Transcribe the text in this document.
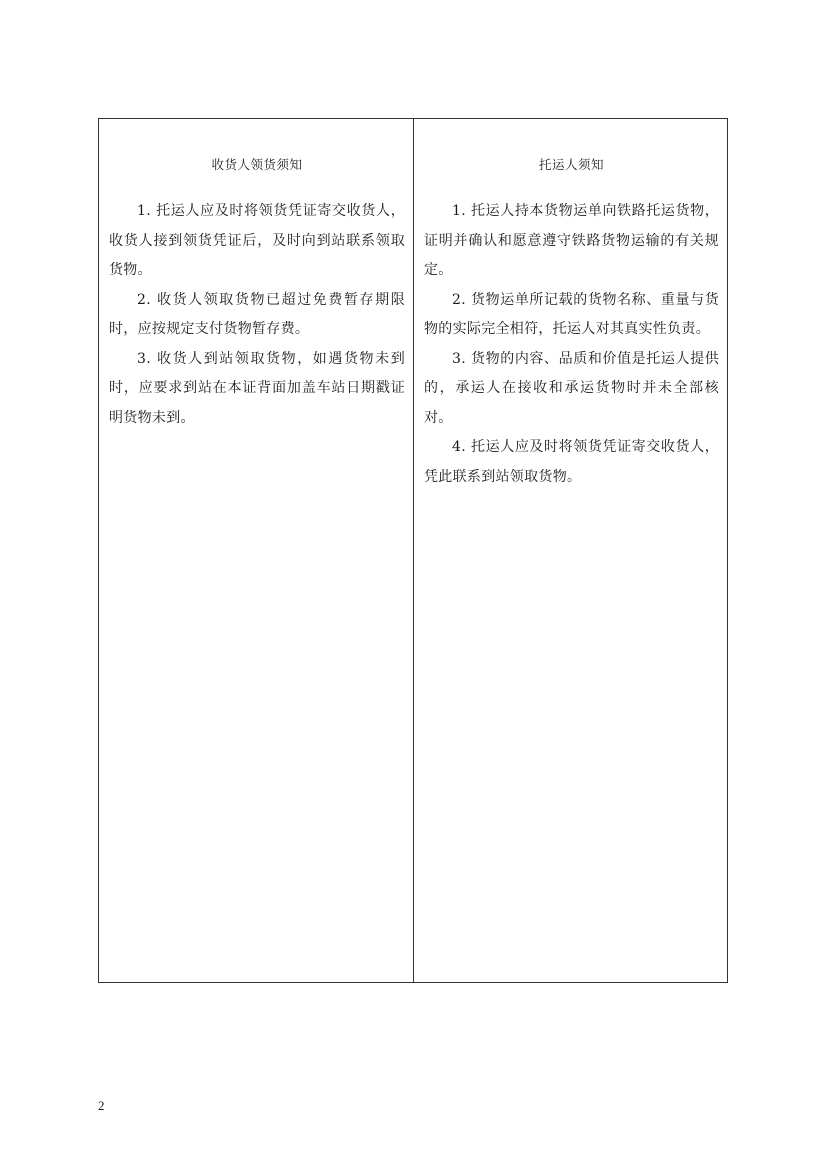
收货人领货须知
1. 托运人应及时将领货凭证寄交收货人，收货人接到领货凭证后，及时向到站联系领取货物。
2. 收货人领取货物已超过免费暂存期限时，应按规定支付货物暂存费。
3. 收货人到站领取货物，如遇货物未到时，应要求到站在本证背面加盖车站日期戳证明货物未到。
托运人须知
1. 托运人持本货物运单向铁路托运货物，证明并确认和愿意遵守铁路货物运输的有关规定。
2. 货物运单所记载的货物名称、重量与货物的实际完全相符，托运人对其真实性负责。
3. 货物的内容、品质和价值是托运人提供的，承运人在接收和承运货物时并未全部核对。
4. 托运人应及时将领货凭证寄交收货人，凭此联系到站领取货物。
2
